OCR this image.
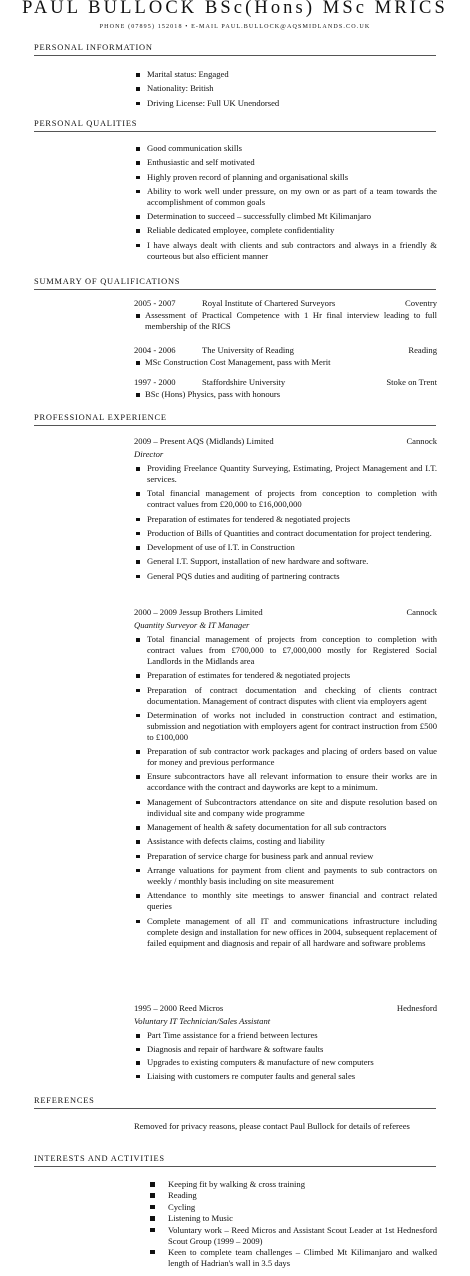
PAUL BULLOCK BSc(Hons) MSc MRICS
PHONE (07895) 152018 • E-MAIL PAUL.BULLOCK@AQSMIDLANDS.CO.UK
PERSONAL INFORMATION
Marital status: Engaged
Nationality: British
Driving License: Full UK Unendorsed
PERSONAL QUALITIES
Good communication skills
Enthusiastic and self motivated
Highly proven record of planning and organisational skills
Ability to work well under pressure, on my own or as part of a team towards the accomplishment of common goals
Determination to succeed – successfully climbed Mt Kilimanjaro
Reliable dedicated employee, complete confidentiality
I have always dealt with clients and sub contractors and always in a friendly & courteous but also efficient manner
SUMMARY OF QUALIFICATIONS
2005 - 2007	Royal Institute of Chartered Surveyors	Coventry
Assessment of Practical Competence with 1 Hr final interview leading to full membership of the RICS
2004 - 2006	The University of Reading	Reading
MSc Construction Cost Management, pass with Merit
1997 - 2000	Staffordshire University	Stoke on Trent
BSc (Hons) Physics, pass with honours
PROFESSIONAL EXPERIENCE
2009 – Present AQS (Midlands) Limited	Cannock
Director
Providing Freelance Quantity Surveying, Estimating, Project Management and I.T. services.
Total financial management of projects from conception to completion with contract values from £20,000 to £16,000,000
Preparation of estimates for tendered & negotiated projects
Production of Bills of Quantities and contract documentation for project tendering.
Development of use of I.T. in Construction
General I.T. Support, installation of new hardware and software.
General PQS duties and auditing of partnering contracts
2000 – 2009 Jessup Brothers Limited	Cannock
Quantity Surveyor & IT Manager
Total financial management of projects from conception to completion with contract values from £700,000 to £7,000,000 mostly for Registered Social Landlords in the Midlands area
Preparation of estimates for tendered & negotiated projects
Preparation of contract documentation and checking of clients contract documentation. Management of contract disputes with client via employers agent
Determination of works not included in construction contract and estimation, submission and negotiation with employers agent for contract instruction from £500 to £100,000
Preparation of sub contractor work packages and placing of orders based on value for money and previous performance
Ensure subcontractors have all relevant information to ensure their works are in accordance with the contract and dayworks are kept to a minimum.
Management of Subcontractors attendance on site and dispute resolution based on individual site and company wide programme
Management of health & safety documentation for all sub contractors
Assistance with defects claims, costing and liability
Preparation of service charge for business park and annual review
Arrange valuations for payment from client and payments to sub contractors on weekly / monthly basis including on site measurement
Attendance to monthly site meetings to answer financial and contract related queries
Complete management of all IT and communications infrastructure including complete design and installation for new offices in 2004, subsequent replacement of failed equipment and diagnosis and repair of all hardware and software problems
1995 – 2000 Reed Micros	Hednesford
Voluntary IT Technician/Sales Assistant
Part Time assistance for a friend between lectures
Diagnosis and repair of hardware & software faults
Upgrades to existing computers & manufacture of new computers
Liaising with customers re computer faults and general sales
REFERENCES
Removed for privacy reasons, please contact Paul Bullock for details of referees
INTERESTS AND ACTIVITIES
Keeping fit by walking & cross training
Reading
Cycling
Listening to Music
Voluntary work – Reed Micros and Assistant Scout Leader at 1st Hednesford Scout Group (1999 – 2009)
Keen to complete team challenges – Climbed Mt Kilimanjaro and walked length of Hadrian's wall in 3.5 days
